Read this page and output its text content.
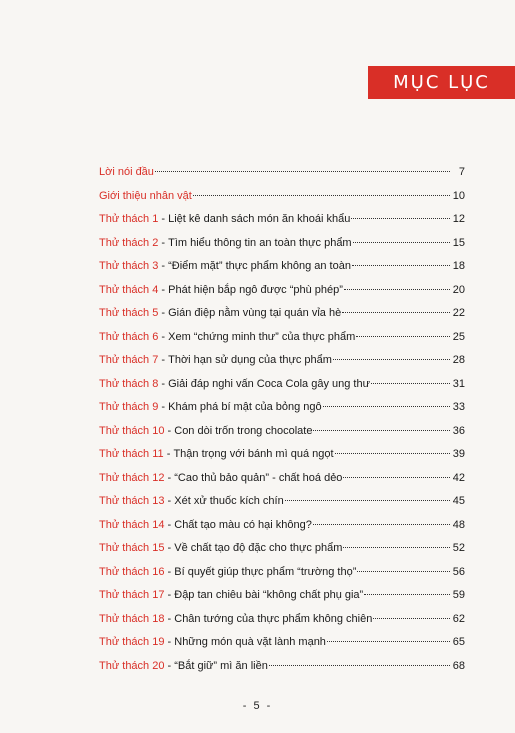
MỤC LỤC
Lời nói đầu	7
Giới thiệu nhân vật	10
Thử thách 1 - Liệt kê danh sách món ăn khoái khẩu	12
Thử thách 2 - Tìm hiểu thông tin an toàn thực phẩm	15
Thử thách 3 - “Điểm mặt” thực phẩm không an toàn	18
Thử thách 4 - Phát hiện bắp ngô được “phù phép”	20
Thử thách 5 - Gián điệp nằm vùng tại quán vỉa hè	22
Thử thách 6 - Xem “chứng minh thư” của thực phẩm	25
Thử thách 7 - Thời hạn sử dụng của thực phẩm	28
Thử thách 8 - Giải đáp nghi vấn Coca Cola gây ung thư	31
Thử thách 9 - Khám phá bí mật của bỏng ngô	33
Thử thách 10 - Con dòi trốn trong chocolate	36
Thử thách 11 - Thận trọng với bánh mì quá ngọt	39
Thử thách 12 - “Cao thủ bảo quản” - chất hoá dẻo	42
Thử thách 13 - Xét xử thuốc kích chín	45
Thử thách 14 - Chất tạo màu có hại không?	48
Thử thách 15 - Về chất tạo độ đặc cho thực phẩm	52
Thử thách 16 - Bí quyết giúp thực phẩm “trường thọ”	56
Thử thách 17 - Đập tan chiêu bài “không chất phụ gia”	59
Thử thách 18 - Chân tướng của thực phẩm không chiên	62
Thử thách 19 - Những món quà vặt lành mạnh	65
Thử thách 20 - “Bắt giữ” mì ăn liền	68
- 5 -
